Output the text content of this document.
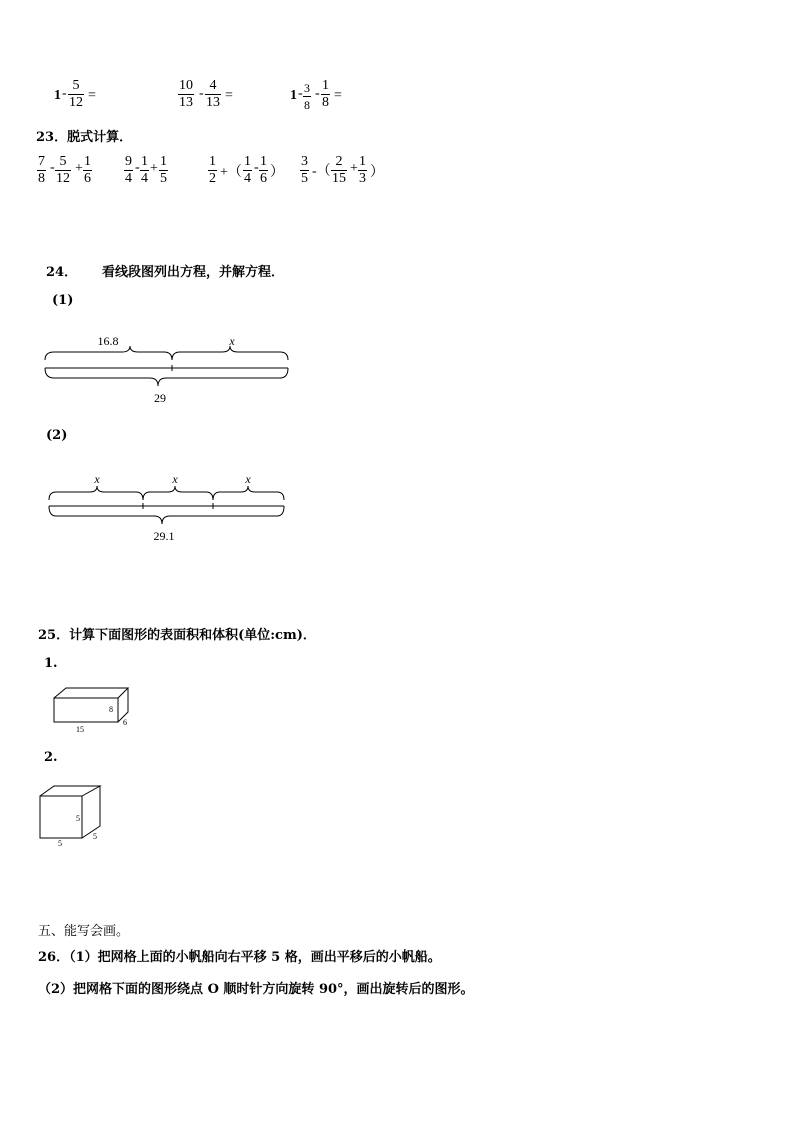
$1 - \frac{5}{12}$ =	$\frac{10}{13} - \frac{4}{13}$ =	$1 - \frac{3}{8} - \frac{1}{8}$ =
23．脱式计算．
$\frac{7}{8} - \frac{5}{12} + \frac{1}{6} \frac{9}{4} - \frac{1}{4} + \frac{1}{5}$	$\frac{1}{2}$ +（ $\frac{1}{4} - \frac{1}{6}$ ） $\frac{3}{5}$ -（ $\frac{2}{15} + \frac{1}{3}$ ）
24． 看线段图列出方程，并解方程．
(1)
16.8	x
29
(2)
x	x	x
29.1
25．计算下面图形的表面积和体积(单位:cm)．
1.
8
15
6
2.
5
5
5
五、能写会画。
26．（1）把网格上面的小帆船向右平移 5 格，画出平移后的小帆船。
（2）把网格下面的图形绕点 O 顺时针方向旋转 90°，画出旋转后的图形。
